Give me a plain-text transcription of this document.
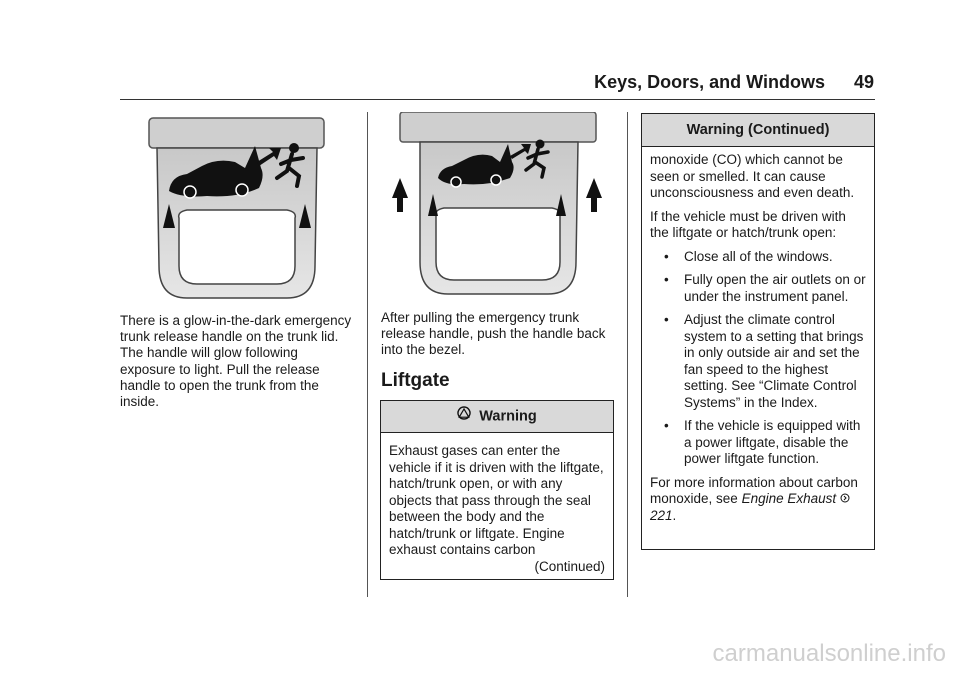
Keys, Doors, and Windows 49

There is a glow-in-the-dark emergency trunk release handle on the trunk lid. The handle will glow following exposure to light. Pull the release handle to open the trunk from the inside.

After pulling the emergency trunk release handle, push the handle back into the bezel.

Liftgate
Warning
Exhaust gases can enter the vehicle if it is driven with the liftgate, hatch/trunk open, or with any objects that pass through the seal between the body and the hatch/trunk or liftgate. Engine exhaust contains carbon
(Continued)
Warning (Continued)
monoxide (CO) which cannot be seen or smelled. It can cause unconsciousness and even death.
If the vehicle must be driven with the liftgate or hatch/trunk open:
• Close all of the windows.
• Fully open the air outlets on or under the instrument panel.
• Adjust the climate control system to a setting that brings in only outside air and set the fan speed to the highest setting. See “Climate Control Systems” in the Index.
• If the vehicle is equipped with a power liftgate, disable the power liftgate function.
For more information about carbon monoxide, see Engine Exhaust 221.
carmanualsonline.info
